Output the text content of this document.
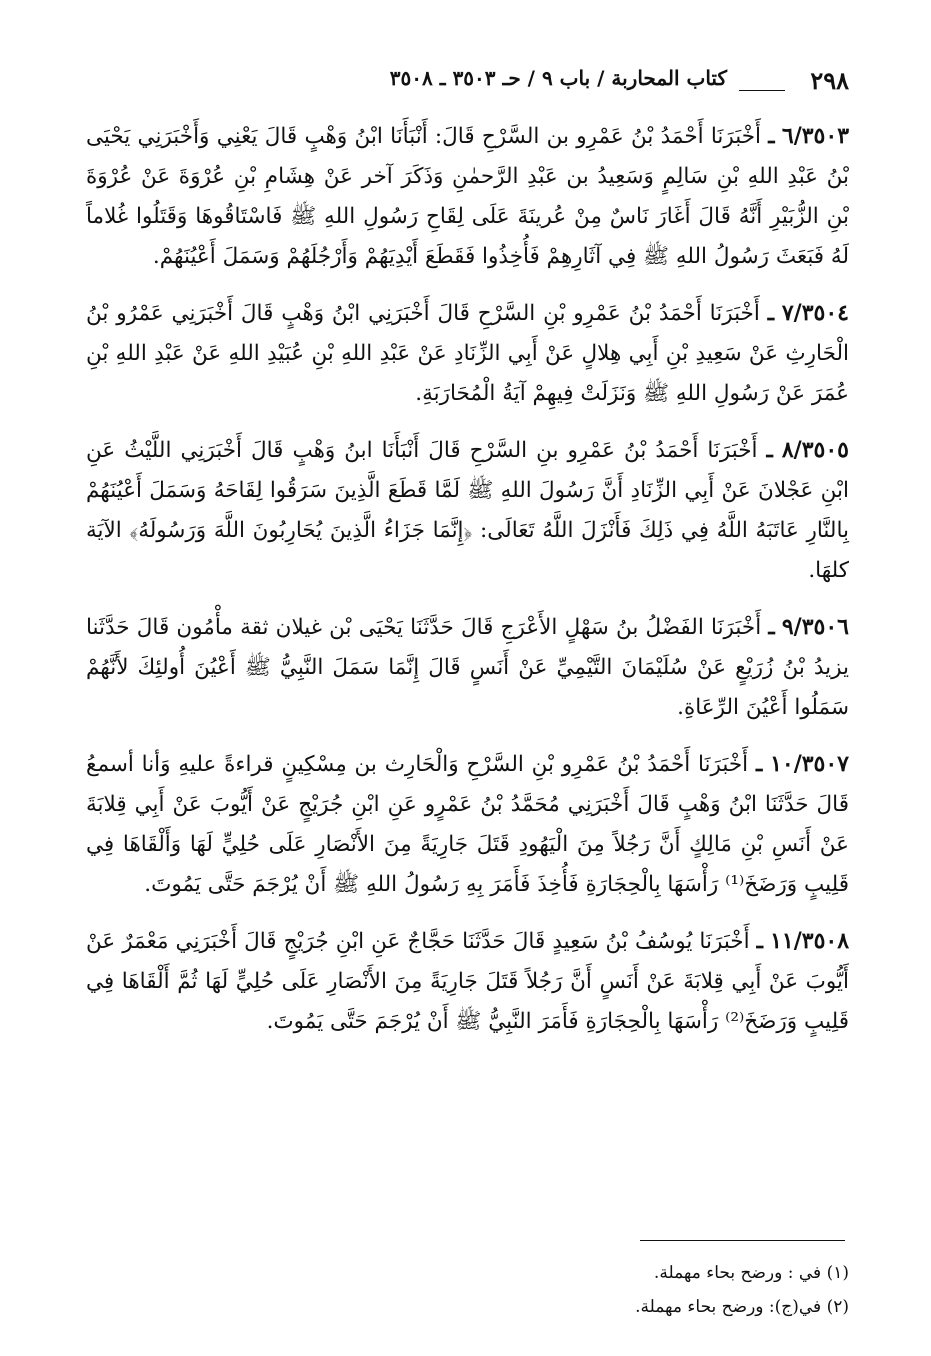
٢٩٨
كتاب المحاربة / باب ٩ / حـ ٣٥٠٣ ـ ٣٥٠٨

٦/٣٥٠٣ ـ أَخْبَرَنَا أَحْمَدُ بْنُ عَمْرِو بن السَّرْحِ قَالَ: أَنْبَأَنَا ابْنُ وَهْبٍ قَالَ يَعْنِي وَأَخْبَرَنِي يَحْيَى بْنُ عَبْدِ اللهِ بْنِ سَالِمٍ وَسَعِيدُ بن عَبْدِ الرَّحمٰنِ وَذَكَرَ آخر عَنْ هِشَامِ بْنِ عُرْوَةَ عَنْ عُرْوَةَ بْنِ الزُّبَيْرِ أَنَّهُ قَالَ أَغَارَ نَاسٌ مِنْ عُرينَةَ عَلَى لِقَاحِ رَسُولِ اللهِ ﷺ فَاسْتَاقُوهَا وَقَتَلُوا غُلاماً لَهُ فَبَعَثَ رَسُولُ اللهِ ﷺ فِي آثَارِهِمْ فَأُخِذُوا فَقَطَعَ أَيْدِيَهُمْ وَأَرْجُلَهُمْ وَسَمَلَ أَعْيُنَهُمْ.

٧/٣٥٠٤ ـ أَخْبَرَنَا أَحْمَدُ بْنُ عَمْرِو بْنِ السَّرْحِ قَالَ أَخْبَرَنِي ابْنُ وَهْبٍ قَالَ أَخْبَرَنِي عَمْرُو بْنُ الْحَارِثِ عَنْ سَعِيدِ بْنِ أَبِي هِلالٍ عَنْ أَبِي الزِّنَادِ عَنْ عَبْدِ اللهِ بْنِ عُبَيْدِ اللهِ عَنْ عَبْدِ اللهِ بْنِ عُمَرَ عَنْ رَسُولِ اللهِ ﷺ وَنَزَلَتْ فِيهِمْ آيَةُ الْمُحَارَبَةِ.

٨/٣٥٠٥ ـ أَخْبَرَنَا أَحْمَدُ بْنُ عَمْرِو بنِ السَّرْحِ قَالَ أَنْبَأَنَا ابنُ وَهْبٍ قَالَ أَخْبَرَنِي اللَّيْثُ عَنِ ابْنِ عَجْلانَ عَنْ أَبِي الزِّنَادِ أَنَّ رَسُولَ اللهِ ﷺ لَمَّا قَطَعَ الَّذِينَ سَرَقُوا لِقَاحَهُ وَسَمَلَ أَعْيُنَهُمْ بِالنَّارِ عَاتَبَهُ اللَّهُ فِي ذَلِكَ فَأَنْزَلَ اللَّهُ تَعَالَى: ﴿إِنَّمَا جَزَاءُ الَّذِينَ يُحَارِبُونَ اللَّهَ وَرَسُولَهُ﴾ الآيَة كلهَا.

٩/٣٥٠٦ ـ أَخْبَرَنَا الفَضْلُ بنُ سَهْلٍ الأَعْرَجِ قَالَ حَدَّثَنَا يَحْيَى بْن غيلان ثقة مأْمُون قَالَ حَدَّثَنا يزيدُ بْنُ زُرَيْعٍ عَنْ سُلَيْمَانَ التَّيْمِيِّ عَنْ أَنَسٍ قَالَ إِنَّمَا سَمَلَ النَّبِيُّ ﷺ أَعْيُنَ أُولئِكَ لأَنَّهُمْ سَمَلُوا أَعْيُنَ الرِّعَاةِ.

١٠/٣٥٠٧ ـ أَخْبَرَنَا أَحْمَدُ بْنُ عَمْرِو بْنِ السَّرْحِ وَالْحَارِث بن مِسْكِينٍ قراءةً عليهِ وَأنا أسمعُ قَالَ حَدَّثَنَا ابْنُ وَهْبٍ قَالَ أَخْبَرَنِي مُحَمَّدُ بْنُ عَمْرٍو عَنِ ابْنِ جُرَيْجٍ عَنْ أَيُّوبَ عَنْ أَبِي قِلابَةَ عَنْ أَنَسِ بْنِ مَالِكٍ أَنَّ رَجُلاً مِنَ الْيَهُودِ قَتَلَ جَارِيَةً مِنَ الأَنْصَارِ عَلَى حُلِيٍّ لَهَا وَأَلْقَاهَا فِي قَلِيبٍ وَرَضَخَ⁽¹⁾ رَأْسَهَا بِالْحِجَارَةِ فَأُخِذَ فَأَمَرَ بِهِ رَسُولُ اللهِ ﷺ أَنْ يُرْجَمَ حَتَّى يَمُوتَ.

١١/٣٥٠٨ ـ أَخْبَرَنَا يُوسُفُ بْنُ سَعِيدٍ قَالَ حَدَّثَنَا حَجَّاجٌ عَنِ ابْنِ جُرَيْجٍ قَالَ أَخْبَرَنِي مَعْمَرٌ عَنْ أَيُّوبَ عَنْ أَبِي قِلابَةَ عَنْ أَنَسٍ أَنَّ رَجُلاً قَتَلَ جَارِيَةً مِنَ الأَنْصَارِ عَلَى حُلِيٍّ لَهَا ثُمَّ أَلْقَاهَا فِي قَلِيبٍ وَرَضَخَ⁽²⁾ رَأْسَهَا بِالْحِجَارَةِ فَأَمَرَ النَّبِيُّ ﷺ أَنْ يُرْجَمَ حَتَّى يَمُوتَ.

(١) في : ورضح بحاء مهملة.
(٢) في(ج): ورضح بحاء مهملة.
